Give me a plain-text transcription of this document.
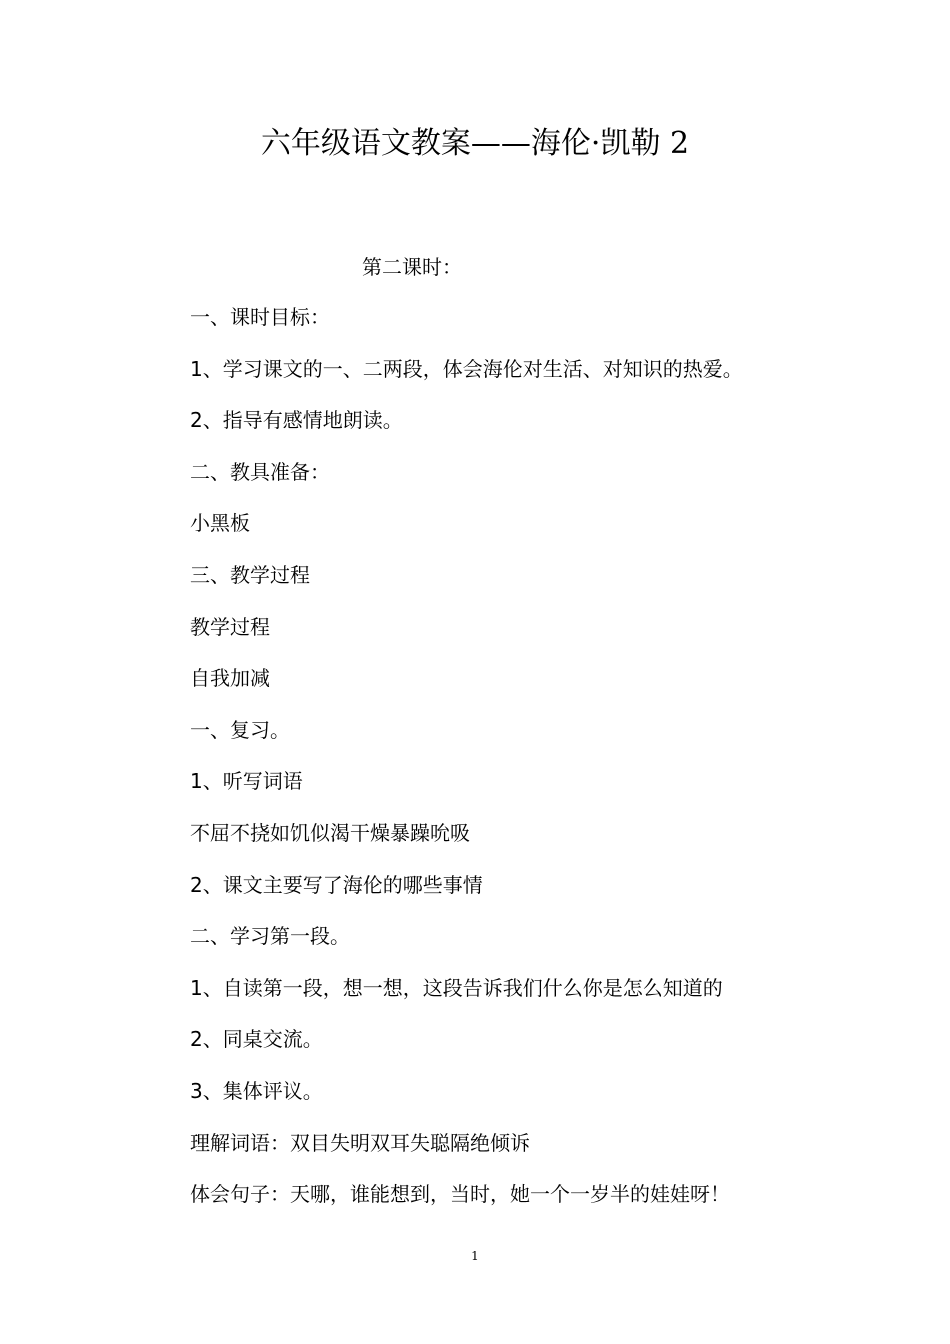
六年级语文教案——海伦·凯勒 2
第二课时：
一、课时目标：
1、学习课文的一、二两段，体会海伦对生活、对知识的热爱。
2、指导有感情地朗读。
二、教具准备：
小黑板
三、教学过程
教学过程
自我加减
一、复习。
1、听写词语
不屈不挠如饥似渴干燥暴躁吮吸
2、课文主要写了海伦的哪些事情
二、学习第一段。
1、自读第一段，想一想，这段告诉我们什么你是怎么知道的
2、同桌交流。
3、集体评议。
理解词语：双目失明双耳失聪隔绝倾诉
体会句子：天哪，谁能想到，当时，她一个一岁半的娃娃呀！
1
